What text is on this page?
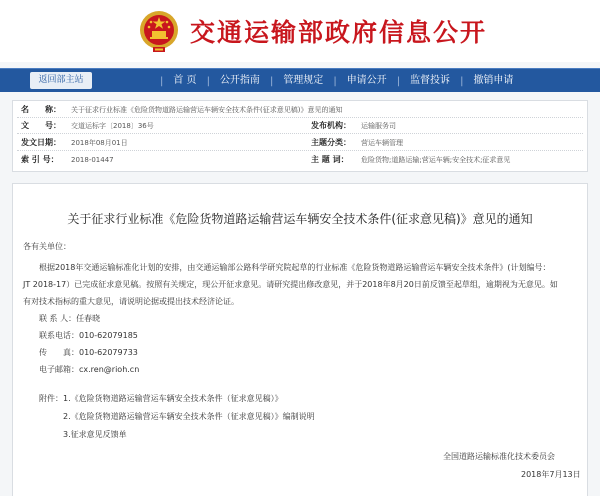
交通运输部政府信息公开
返回部主站	|	首 页	|	公开指南	|	管理规定	|	申请公开	|	监督投诉	|	撤销申请
名　　称： 关于征求行业标准《危险货物道路运输营运车辆安全技术条件(征求意见稿)》意见的通知
文　　号： 交道运标字〔2018〕36号	发布机构： 运输服务司
发文日期： 2018年08月01日	主题分类： 营运车辆管理
索 引 号： 2018-01447	主 题 词： 危险货物;道路运输;营运车辆;安全技术;征求意见
关于征求行业标准《危险货物道路运输营运车辆安全技术条件(征求意见稿)》意见的通知
各有关单位：
根据2018年交通运输标准化计划的安排，由交通运输部公路科学研究院起草的行业标准《危险货物道路运输营运车辆安全技术条件》(计划编号：
JT 2018-17）已完成征求意见稿。按照有关规定，现公开征求意见。请研究提出修改意见，并于2018年8月20日前反馈至起草组，逾期视为无意见。如
有对技术指标的重大意见，请说明论据或提出技术经济论证。
联 系 人：任春晓
联系电话：010-62079185
传　　真：010-62079733
电子邮箱：cx.ren@rioh.cn
附件：1.《危险货物道路运输营运车辆安全技术条件（征求意见稿）》
2.《危险货物道路运输营运车辆安全技术条件（征求意见稿）》编制说明
3.征求意见反馈单
全国道路运输标准化技术委员会
2018年7月13日
